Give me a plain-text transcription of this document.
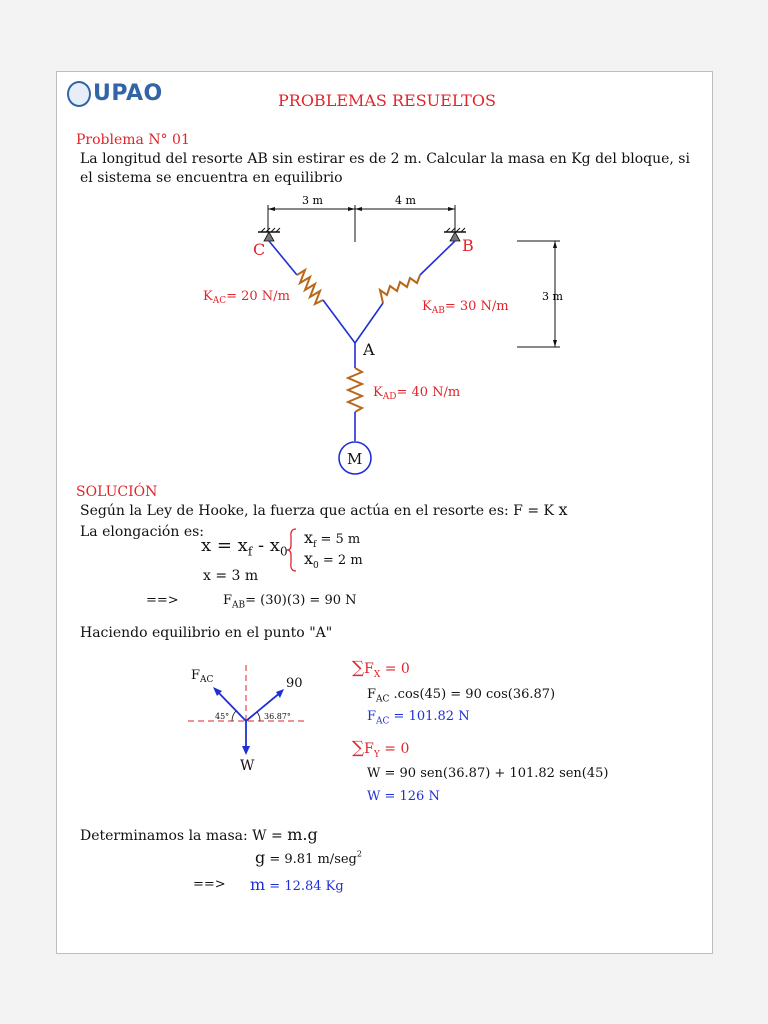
UPAO	PROBLEMAS RESUELTOS
Problema N° 01
La longitud del resorte AB sin estirar es de 2 m. Calcular la masa en Kg del bloque, si
el sistema se encuentra en equilibrio
3 m	4 m
M
C	B
A
3 m
$K_{AC}= 20$ N/m
$K_{AB}= 30$ N/m
$K_{AD}= 40$ N/m
SOLUCIÓN
Según la Ley de Hooke, la fuerza que actúa en el resorte es: F = K x
La elongación es:
$x = x_f - x_0$
$x_f = 5$ m
$x_0 = 2$ m
x = 3 m
==>	$F_{AB}= (30)(3) = 90$ N
Haciendo equilibrio en el punto "A"
$F_{AC}$	90
45°	36.87°
W
$\sum F_X = 0$
$F_{AC}$ .cos(45) = 90 cos(36.87)
$F_{AC} = 101.82$ N
$\sum F_Y = 0$
W = 90 sen(36.87) + 101.82 sen(45)
W = 126 N
Determinamos la masa: W = m.g
g = 9.81 m/seg$^2$
==> m = 12.84 Kg
